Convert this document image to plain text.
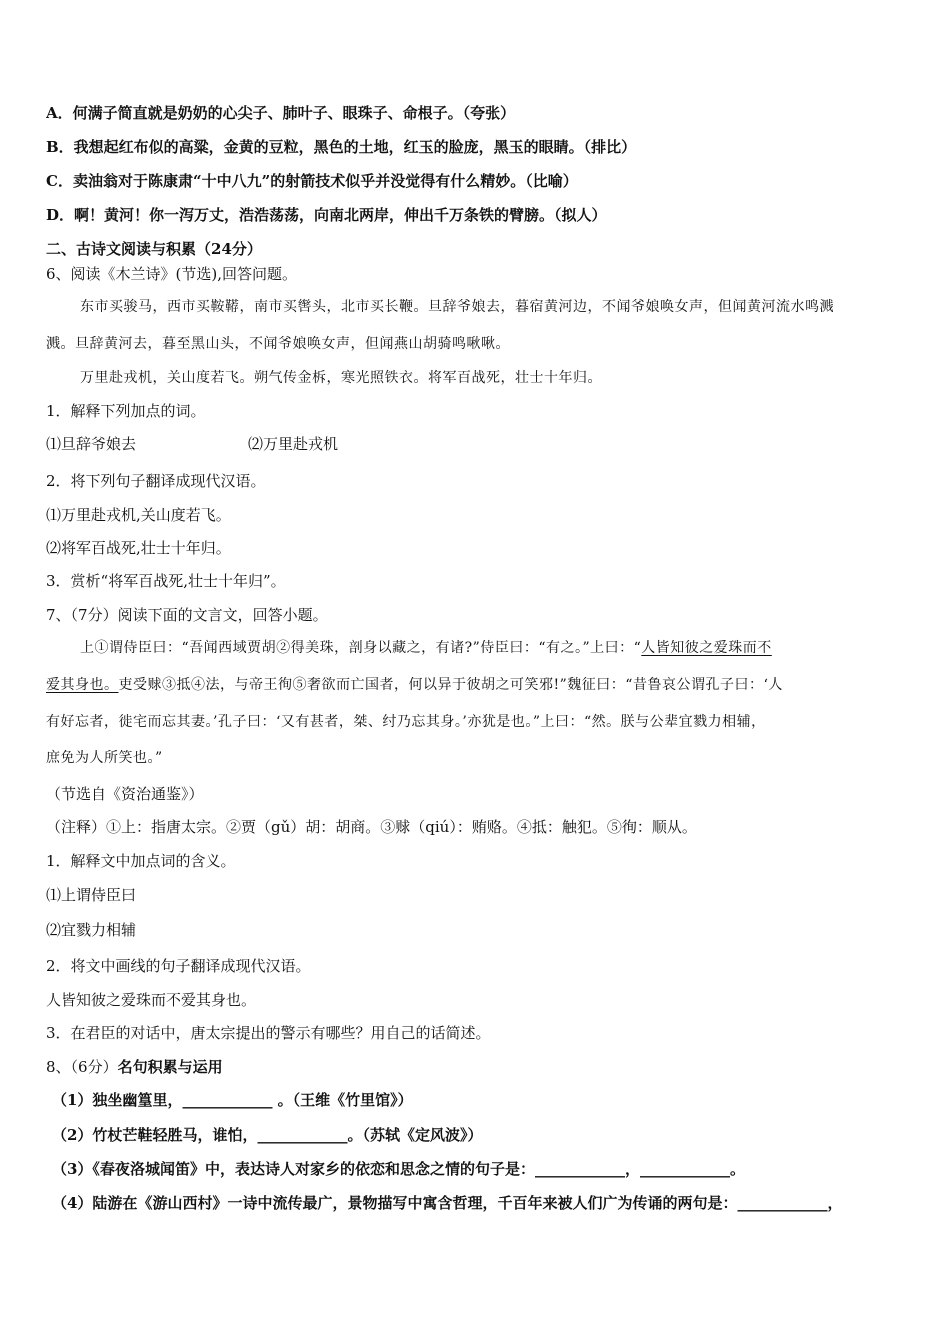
A．何满子简直就是奶奶的心尖子、肺叶子、眼珠子、命根子。（夸张）
B．我想起红布似的高粱，金黄的豆粒，黑色的土地，红玉的脸庞，黑玉的眼睛。（排比）
C．卖油翁对于陈康肃“十中八九”的射箭技术似乎并没觉得有什么精妙。（比喻）
D．啊！黄河！你一泻万丈，浩浩荡荡，向南北两岸，伸出千万条铁的臂膀。（拟人）
二、古诗文阅读与积累（24分）
6、阅读《木兰诗》(节选),回答问题。
东市买骏马，西市买鞍鞯，南市买辔头，北市买长鞭。旦辞爷娘去，暮宿黄河边，不闻爷娘唤女声，但闻黄河流水鸣溅
溅。旦辞黄河去，暮至黑山头，不闻爷娘唤女声，但闻燕山胡骑鸣啾啾。
万里赴戎机，关山度若飞。朔气传金柝，寒光照铁衣。将军百战死，壮士十年归。
1．解释下列加点的词。
⑴旦辞爷娘去	⑵万里赴戎机
2．将下列句子翻译成现代汉语。
⑴万里赴戎机,关山度若飞。
⑵将军百战死,壮士十年归。
3．赏析“将军百战死,壮士十年归”。
7、（7分）阅读下面的文言文，回答小题。
上①谓侍臣曰：“吾闻西域贾胡②得美珠，剖身以藏之，有诸?”侍臣曰：“有之。”上曰：“人皆知彼之爱珠而不
爱其身也。吏受赇③抵④法，与帝王徇⑤奢欲而亡国者，何以异于彼胡之可笑邪!”魏征曰：“昔鲁哀公谓孔子曰：‘人
有好忘者，徙宅而忘其妻。’孔子曰：‘又有甚者，桀、纣乃忘其身。’亦犹是也。”上曰：“然。朕与公辈宜戮力相辅，
庶免为人所笑也。”
（节选自《资治通鉴》）
（注释）①上：指唐太宗。②贾（gǔ）胡：胡商。③赇（qiú）：贿赂。④抵：触犯。⑤徇：顺从。
1．解释文中加点词的含义。
⑴上谓侍臣曰
⑵宜戮力相辅
2．将文中画线的句子翻译成现代汉语。
人皆知彼之爱珠而不爱其身也。
3．在君臣的对话中，唐太宗提出的警示有哪些？用自己的话简述。
8、（6分）名句积累与运用
（1）独坐幽篁里，____________ 。（王维《竹里馆》）
（2）竹杖芒鞋轻胜马，谁怕，____________。（苏轼《定风波》）
（3）《春夜洛城闻笛》中，表达诗人对家乡的依恋和思念之情的句子是：____________，____________。
（4）陆游在《游山西村》一诗中流传最广，景物描写中寓含哲理，千百年来被人们广为传诵的两句是：____________，
